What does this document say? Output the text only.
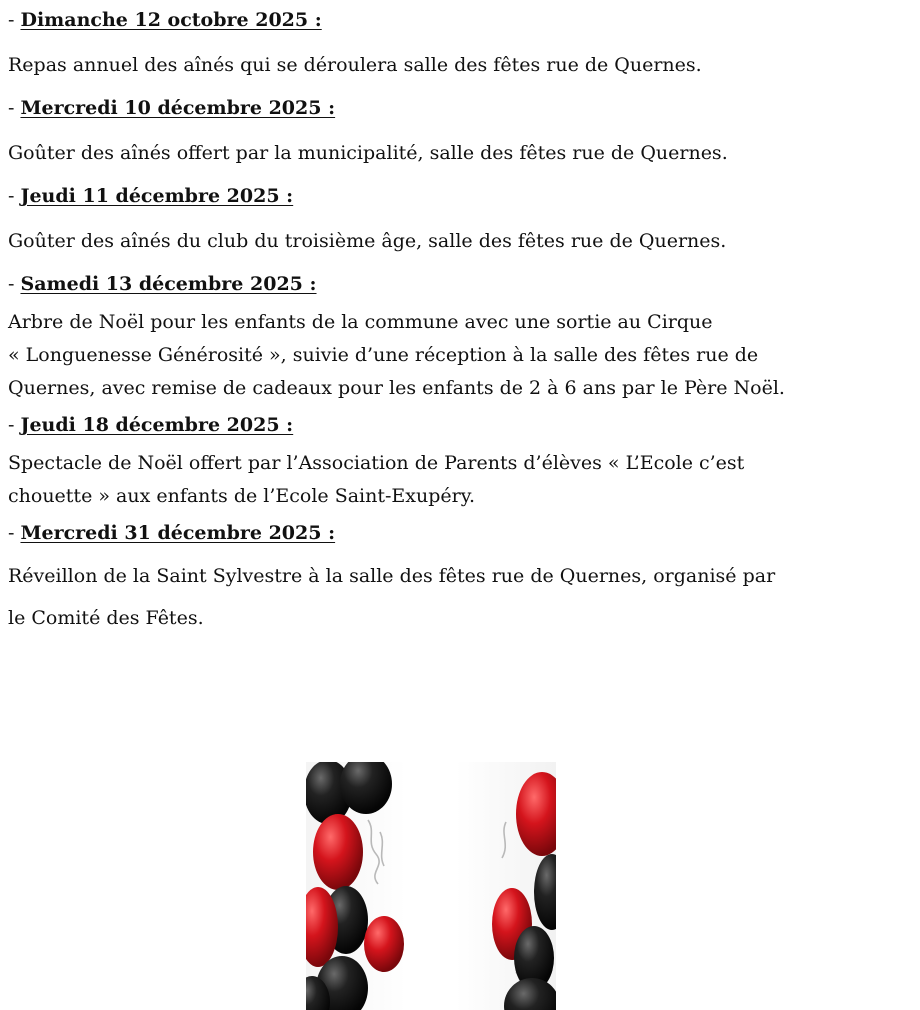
- Dimanche 12 octobre 2025 :

Repas annuel des aînés qui se déroulera salle des fêtes rue de Quernes.

- Mercredi 10 décembre 2025 :

Goûter des aînés offert par la municipalité, salle des fêtes rue de Quernes.

- Jeudi 11 décembre 2025 :

Goûter des aînés du club du troisième âge, salle des fêtes rue de Quernes.

- Samedi 13 décembre 2025 :

Arbre de Noël pour les enfants de la commune avec une sortie au Cirque
« Longuenesse Générosité », suivie d’une réception à la salle des fêtes rue de
Quernes, avec remise de cadeaux pour les enfants de 2 à 6 ans par le Père Noël.

- Jeudi 18 décembre 2025 :

Spectacle de Noël offert par l’Association de Parents d’élèves « L’Ecole c’est
chouette » aux enfants de l’Ecole Saint-Exupéry.

- Mercredi 31 décembre 2025 :

Réveillon de la Saint Sylvestre à la salle des fêtes rue de Quernes, organisé par
le Comité des Fêtes.
